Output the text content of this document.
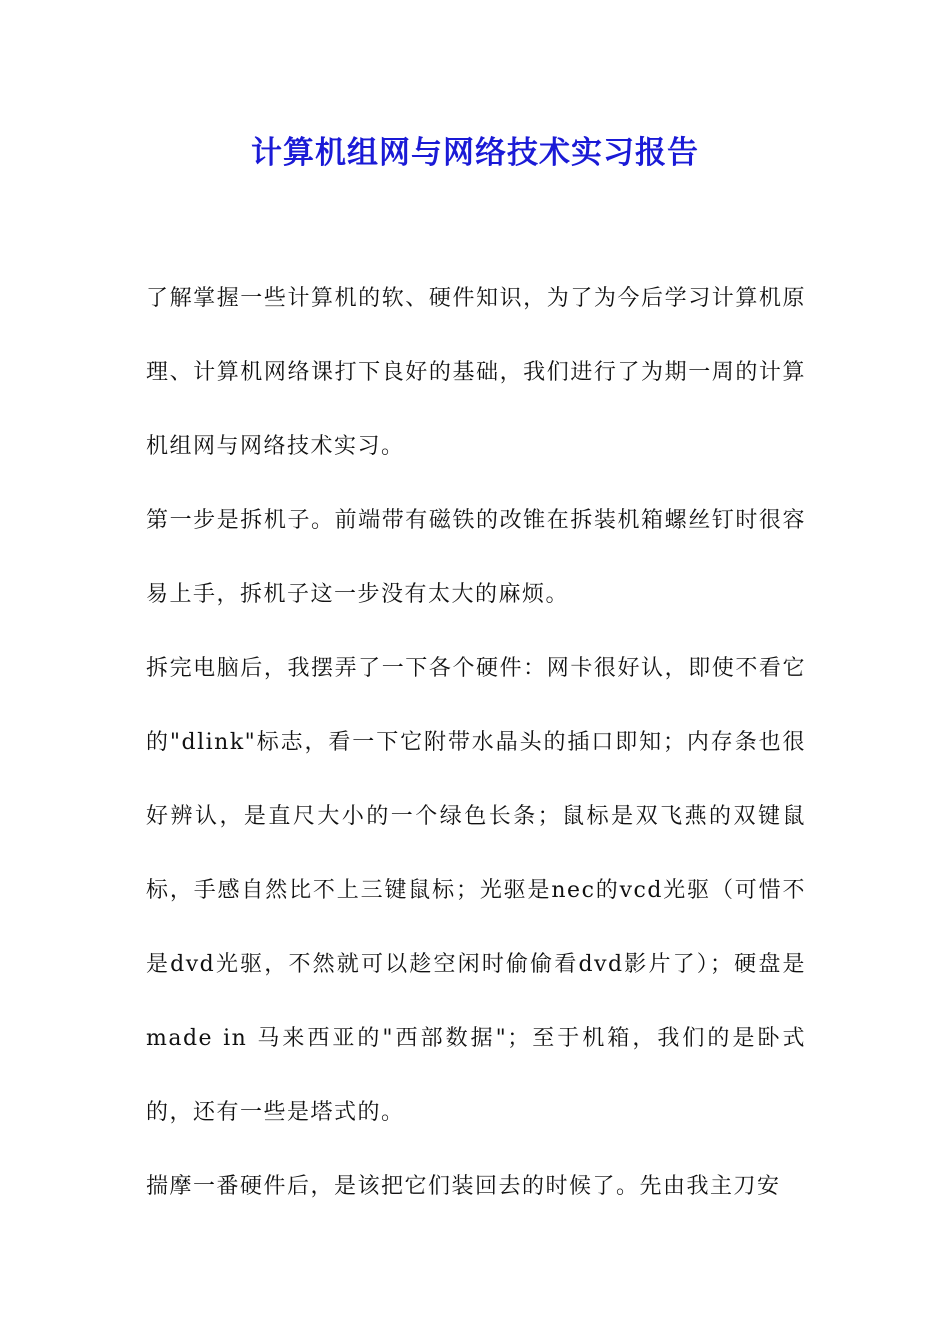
计算机组网与网络技术实习报告

了解掌握一些计算机的软、硬件知识，为了为今后学习计算机原理、计算机网络课打下良好的基础，我们进行了为期一周的计算机组网与网络技术实习。

第一步是拆机子。前端带有磁铁的改锥在拆装机箱螺丝钉时很容易上手，拆机子这一步没有太大的麻烦。

拆完电脑后，我摆弄了一下各个硬件：网卡很好认，即使不看它的"dlink"标志，看一下它附带水晶头的插口即知；内存条也很好辨认，是直尺大小的一个绿色长条；鼠标是双飞燕的双键鼠标，手感自然比不上三键鼠标；光驱是nec的vcd光驱（可惜不是dvd光驱，不然就可以趁空闲时偷偷看dvd影片了）；硬盘是made in 马来西亚的"西部数据"；至于机箱，我们的是卧式的，还有一些是塔式的。

揣摩一番硬件后，是该把它们装回去的时候了。先由我主刀安
